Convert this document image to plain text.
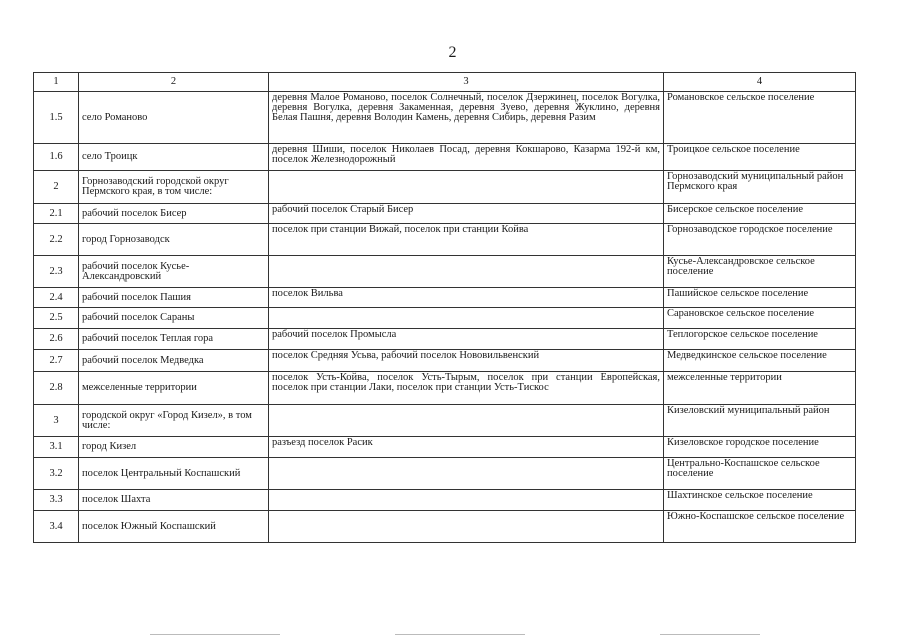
2
1	2	3	4
1.5	село Романово	деревня Малое Романово, поселок Солнечный, поселок Дзержинец, поселок Вогулка, деревня Вогулка, деревня Закаменная, деревня Зуево, деревня Жуклино, деревня Белая Пашня, деревня Володин Камень, деревня Сибирь, деревня Разим	Романовское сельское поселение
1.6	село Троицк	деревня Шиши, поселок Николаев Посад, деревня Кокшарово, Казарма 192-й км, поселок Железнодорожный	Троицкое сельское поселение
2	Горнозаводский городской округ Пермского края, в том числе:		Горнозаводский муниципальный район Пермского края
2.1	рабочий поселок Бисер	рабочий поселок Старый Бисер	Бисерское сельское поселение
2.2	город Горнозаводск	поселок при станции Вижай, поселок при станции Койва	Горнозаводское городское поселение
2.3	рабочий поселок Кусье-Александровский		Кусье-Александровское сельское поселение
2.4	рабочий поселок Пашия	поселок Вильва	Пашийское сельское поселение
2.5	рабочий поселок Сараны		Сарановское сельское поселение
2.6	рабочий поселок Теплая гора	рабочий поселок Промысла	Теплогорское сельское поселение
2.7	рабочий поселок Медведка	поселок Средняя Усьва, рабочий поселок Нововильвенский	Медведкинское сельское поселение
2.8	межселенные территории	поселок Усть-Койва, поселок Усть-Тырым, поселок при станции Европейская, поселок при станции Лаки, поселок при станции Усть-Тискос	межселенные территории
3	городской округ «Город Кизел», в том числе:		Кизеловский муниципальный район
3.1	город Кизел	разъезд поселок Расик	Кизеловское городское поселение
3.2	поселок Центральный Коспашский		Центрально-Коспашское сельское поселение
3.3	поселок Шахта		Шахтинское сельское поселение
3.4	поселок Южный Коспашский		Южно-Коспашское сельское поселение
